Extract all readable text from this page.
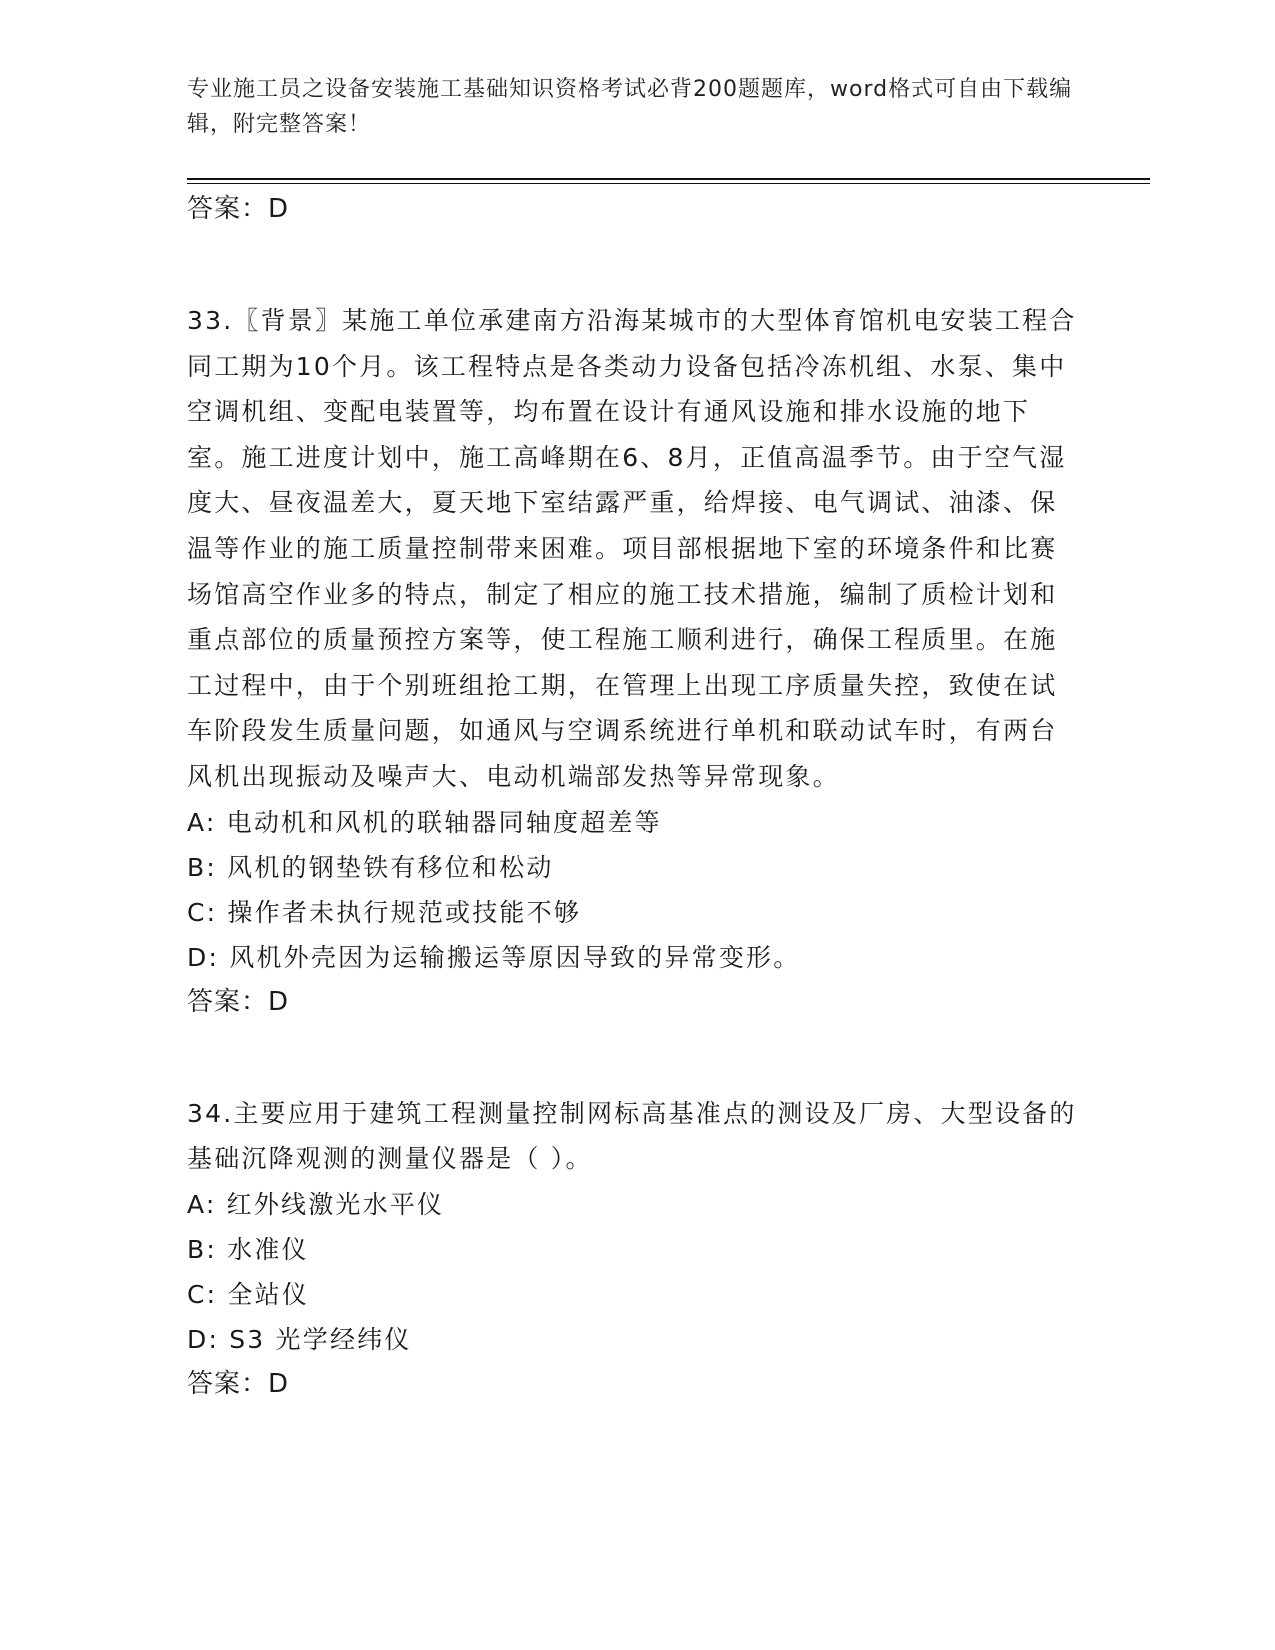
专业施工员之设备安装施工基础知识资格考试必背200题题库，word格式可自由下载编辑，附完整答案！

答案：D

33.〖背景〗某施工单位承建南方沿海某城市的大型体育馆机电安装工程合同工期为10个月。该工程特点是各类动力设备包括冷冻机组、水泵、集中空调机组、变配电装置等，均布置在设计有通风设施和排水设施的地下室。施工进度计划中，施工高峰期在6、8月，正值高温季节。由于空气湿度大、昼夜温差大，夏天地下室结露严重，给焊接、电气调试、油漆、保温等作业的施工质量控制带来困难。项目部根据地下室的环境条件和比赛场馆高空作业多的特点，制定了相应的施工技术措施，编制了质检计划和重点部位的质量预控方案等，使工程施工顺利进行，确保工程质里。在施工过程中，由于个别班组抢工期，在管理上出现工序质量失控，致使在试车阶段发生质量问题，如通风与空调系统进行单机和联动试车时，有两台风机出现振动及噪声大、电动机端部发热等异常现象。

A: 电动机和风机的联轴器同轴度超差等

B: 风机的钢垫铁有移位和松动

C: 操作者未执行规范或技能不够

D: 风机外壳因为运输搬运等原因导致的异常变形。

答案：D

34.主要应用于建筑工程测量控制网标高基准点的测设及厂房、大型设备的基础沉降观测的测量仪器是（ ）。

A: 红外线激光水平仪

B: 水准仪

C: 全站仪

D: S3 光学经纬仪

答案：D
